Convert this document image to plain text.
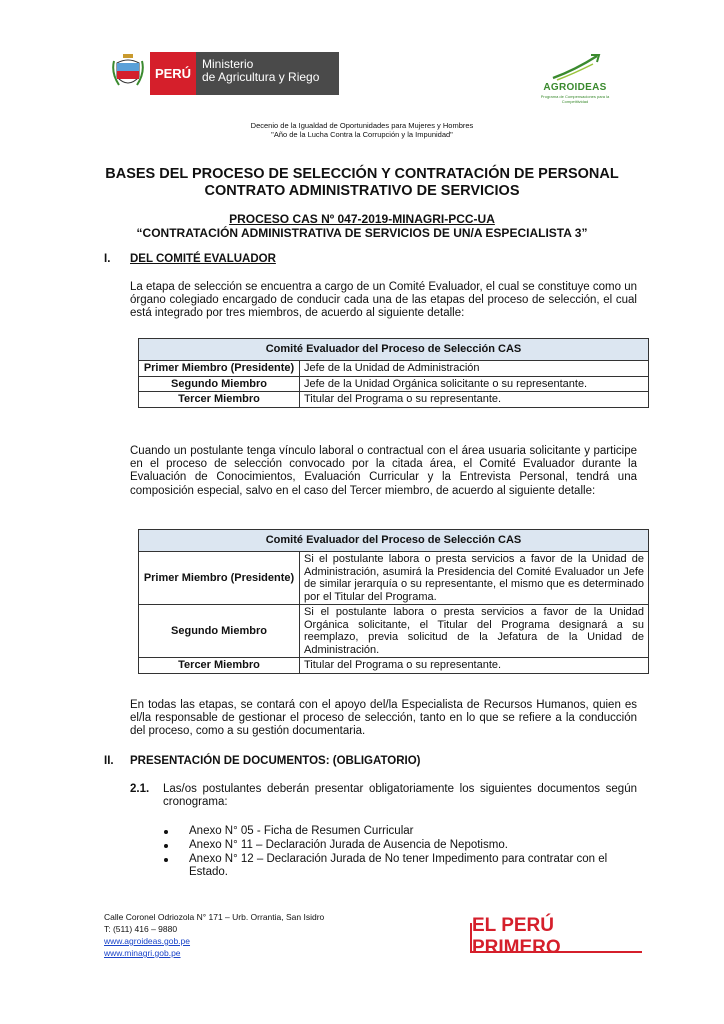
PERÚ
Ministerio
de Agricultura y Riego
AGROIDEAS
Programa de Compensaciones para la Competitividad
Decenio de la Igualdad de Oportunidades para Mujeres y Hombres
"Año de la Lucha Contra la Corrupción y la Impunidad"
BASES DEL PROCESO DE SELECCIÓN Y CONTRATACIÓN DE PERSONAL
CONTRATO ADMINISTRATIVO DE SERVICIOS
PROCESO CAS Nº 047-2019-MINAGRI-PCC-UA
“CONTRATACIÓN ADMINISTRATIVA DE SERVICIOS DE UN/A ESPECIALISTA 3”
I. DEL COMITÉ EVALUADOR
La etapa de selección se encuentra a cargo de un Comité Evaluador, el cual se constituye como un órgano colegiado encargado de conducir cada una de las etapas del proceso de selección, el cual está integrado por tres miembros, de acuerdo al siguiente detalle:
Comité Evaluador del Proceso de Selección CAS	
Primer Miembro (Presidente)	Jefe de la Unidad de Administración
Segundo Miembro	Jefe de la Unidad Orgánica solicitante o su representante.
Tercer Miembro	Titular del Programa o su representante.
Cuando un postulante tenga vínculo laboral o contractual con el área usuaria solicitante y participe en el proceso de selección convocado por la citada área, el Comité Evaluador durante la Evaluación de Conocimientos, Evaluación Curricular y la Entrevista Personal, tendrá una composición especial, salvo en el caso del Tercer miembro, de acuerdo al siguiente detalle:
Comité Evaluador del Proceso de Selección CAS	
Primer Miembro (Presidente)	Si el postulante labora o presta servicios a favor de la Unidad de Administración, asumirá la Presidencia del Comité Evaluador un Jefe de similar jerarquía o su representante, el mismo que es determinado por el Titular del Programa.
Segundo Miembro	Si el postulante labora o presta servicios a favor de la Unidad Orgánica solicitante, el Titular del Programa designará a su reemplazo, previa solicitud de la Jefatura de la Unidad de Administración.
Tercer Miembro	Titular del Programa o su representante.
En todas las etapas, se contará con el apoyo del/la Especialista de Recursos Humanos, quien es el/la responsable de gestionar el proceso de selección, tanto en lo que se refiere a la conducción del proceso, como a su gestión documentaria.
II. PRESENTACIÓN DE DOCUMENTOS: (OBLIGATORIO)
2.1. Las/os postulantes deberán presentar obligatoriamente los siguientes documentos según cronograma:
Anexo N° 05 - Ficha de Resumen Curricular
Anexo N° 11 – Declaración Jurada de Ausencia de Nepotismo.
Anexo N° 12 – Declaración Jurada de No tener Impedimento para contratar con el Estado.
Calle Coronel Odriozola N° 171 – Urb. Orrantia, San Isidro
T: (511) 416 – 9880
www.agroideas.gob.pe
www.minagri.gob.pe
EL PERÚ PRIMERO
